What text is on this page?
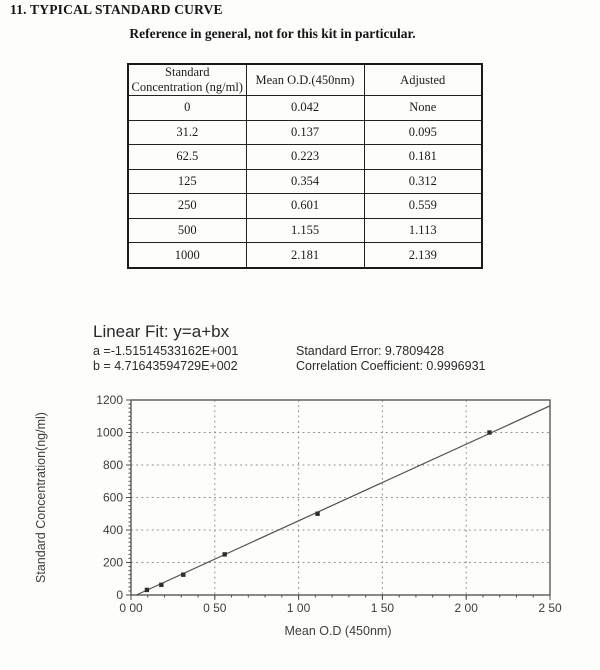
11. TYPICAL STANDARD CURVE
Reference in general, not for this kit in particular.
Standard Concentration (ng/ml)	Mean O.D.(450nm)	Adjusted
0	0.042	None
31.2	0.137	0.095
62.5	0.223	0.181
125	0.354	0.312
250	0.601	0.559
500	1.155	1.113
1000	2.181	2.139
Linear Fit: y=a+bx
a =-1.51514533162E+001
b = 4.71643594729E+002
Standard Error: 9.7809428
Correlation Coefficient: 0.9996931
0 00	0 50	1 00	1 50	2 00	2 50
0
200
400
600
800
1000
1200
Mean O.D (450nm)
Standard Concentration(ng/ml)
